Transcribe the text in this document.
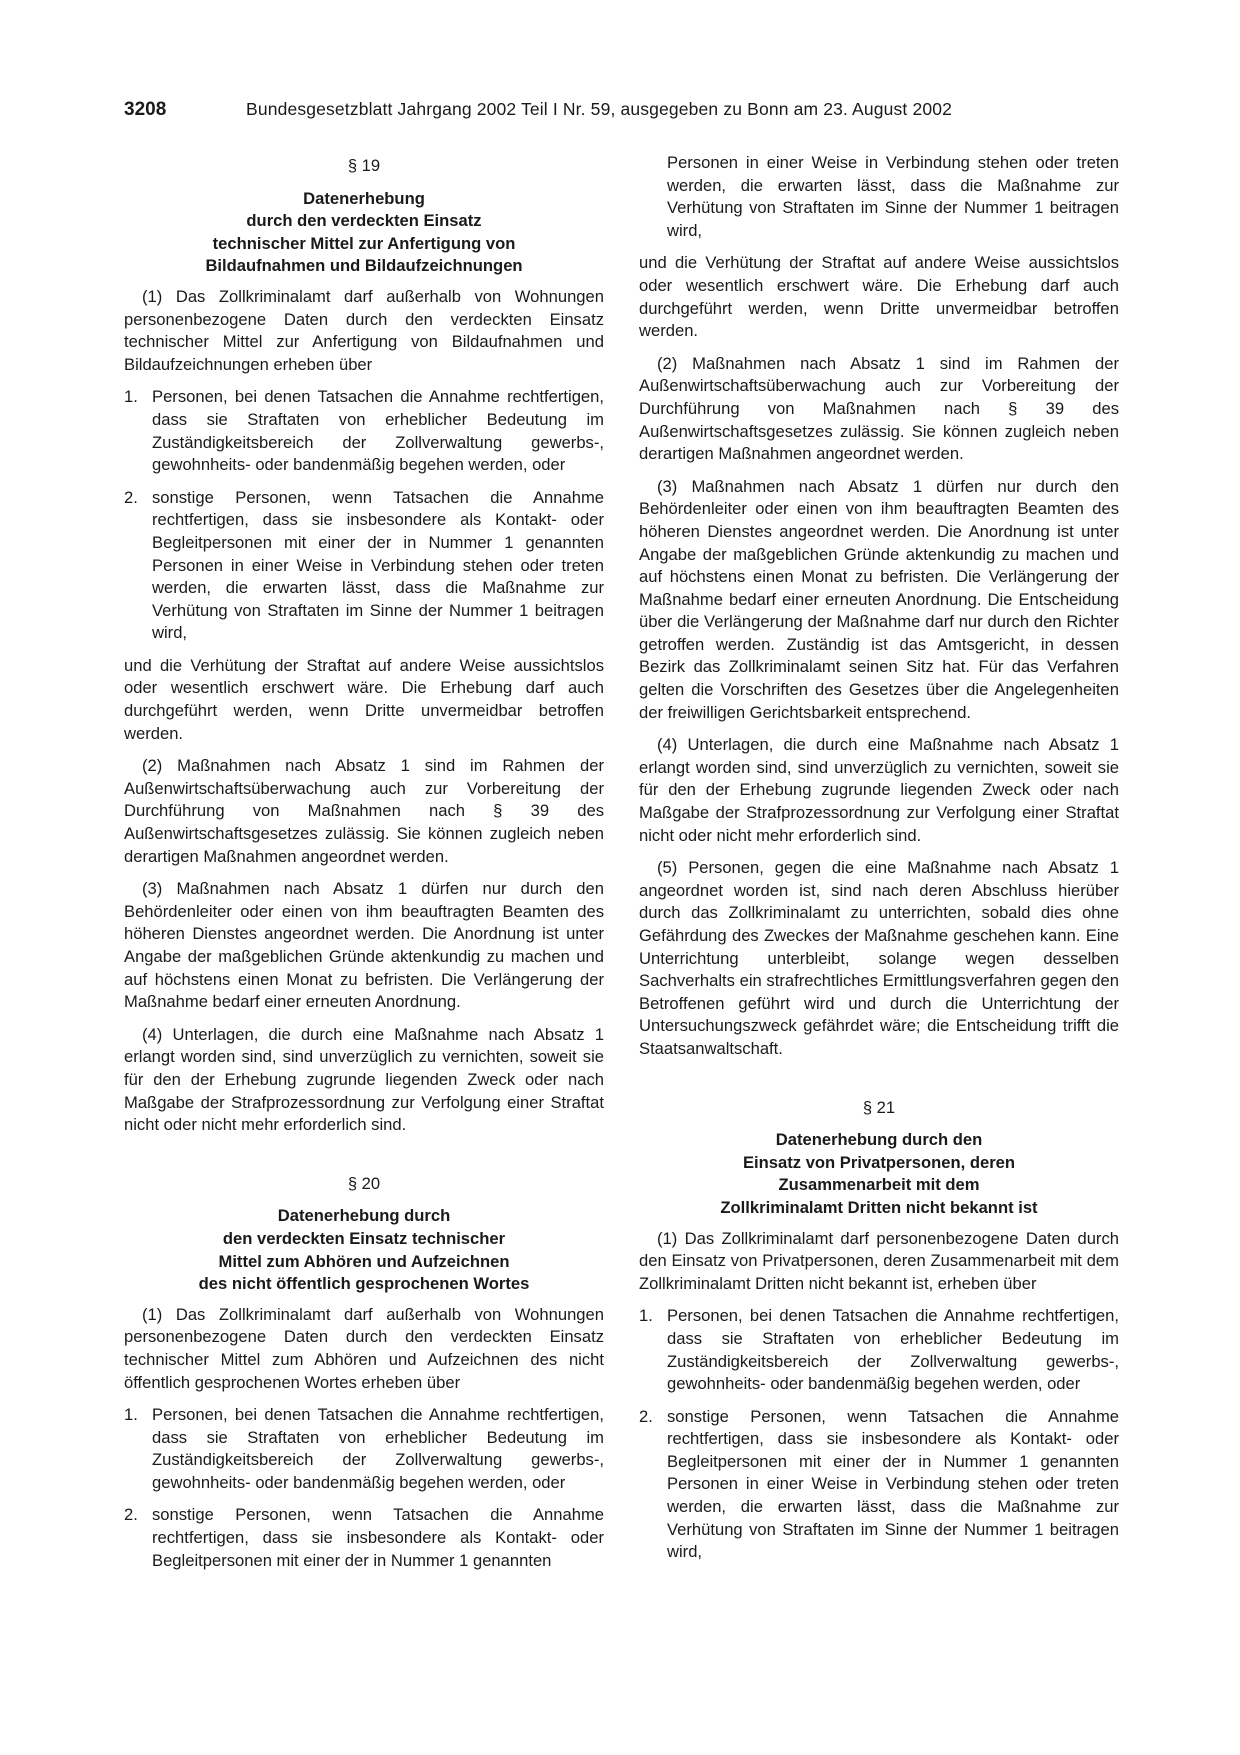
3208	Bundesgesetzblatt Jahrgang 2002 Teil I Nr. 59, ausgegeben zu Bonn am 23. August 2002
§ 19
Datenerhebung
durch den verdeckten Einsatz
technischer Mittel zur Anfertigung von
Bildaufnahmen und Bildaufzeichnungen

(1) Das Zollkriminalamt darf außerhalb von Wohnungen personenbezogene Daten durch den verdeckten Einsatz technischer Mittel zur Anfertigung von Bildaufnahmen und Bildaufzeichnungen erheben über

1. Personen, bei denen Tatsachen die Annahme rechtfertigen, dass sie Straftaten von erheblicher Bedeutung im Zuständigkeitsbereich der Zollverwaltung gewerbs-, gewohnheits- oder bandenmäßig begehen werden, oder
2. sonstige Personen, wenn Tatsachen die Annahme rechtfertigen, dass sie insbesondere als Kontakt- oder Begleitpersonen mit einer der in Nummer 1 genannten Personen in einer Weise in Verbindung stehen oder treten werden, die erwarten lässt, dass die Maßnahme zur Verhütung von Straftaten im Sinne der Nummer 1 beitragen wird,

und die Verhütung der Straftat auf andere Weise aussichtslos oder wesentlich erschwert wäre. Die Erhebung darf auch durchgeführt werden, wenn Dritte unvermeidbar betroffen werden.

(2) Maßnahmen nach Absatz 1 sind im Rahmen der Außenwirtschaftsüberwachung auch zur Vorbereitung der Durchführung von Maßnahmen nach § 39 des Außenwirtschaftsgesetzes zulässig. Sie können zugleich neben derartigen Maßnahmen angeordnet werden.

(3) Maßnahmen nach Absatz 1 dürfen nur durch den Behördenleiter oder einen von ihm beauftragten Beamten des höheren Dienstes angeordnet werden. Die Anordnung ist unter Angabe der maßgeblichen Gründe aktenkundig zu machen und auf höchstens einen Monat zu befristen. Die Verlängerung der Maßnahme bedarf einer erneuten Anordnung.

(4) Unterlagen, die durch eine Maßnahme nach Absatz 1 erlangt worden sind, sind unverzüglich zu vernichten, soweit sie für den der Erhebung zugrunde liegenden Zweck oder nach Maßgabe der Strafprozessordnung zur Verfolgung einer Straftat nicht oder nicht mehr erforderlich sind.

§ 20
Datenerhebung durch
den verdeckten Einsatz technischer
Mittel zum Abhören und Aufzeichnen
des nicht öffentlich gesprochenen Wortes

(1) Das Zollkriminalamt darf außerhalb von Wohnungen personenbezogene Daten durch den verdeckten Einsatz technischer Mittel zum Abhören und Aufzeichnen des nicht öffentlich gesprochenen Wortes erheben über

1. Personen, bei denen Tatsachen die Annahme rechtfertigen, dass sie Straftaten von erheblicher Bedeutung im Zuständigkeitsbereich der Zollverwaltung gewerbs-, gewohnheits- oder bandenmäßig begehen werden, oder
2. sonstige Personen, wenn Tatsachen die Annahme rechtfertigen, dass sie insbesondere als Kontakt- oder Begleitpersonen mit einer der in Nummer 1 genannten

Personen in einer Weise in Verbindung stehen oder treten werden, die erwarten lässt, dass die Maßnahme zur Verhütung von Straftaten im Sinne der Nummer 1 beitragen wird,

und die Verhütung der Straftat auf andere Weise aussichtslos oder wesentlich erschwert wäre. Die Erhebung darf auch durchgeführt werden, wenn Dritte unvermeidbar betroffen werden.

(2) Maßnahmen nach Absatz 1 sind im Rahmen der Außenwirtschaftsüberwachung auch zur Vorbereitung der Durchführung von Maßnahmen nach § 39 des Außenwirtschaftsgesetzes zulässig. Sie können zugleich neben derartigen Maßnahmen angeordnet werden.

(3) Maßnahmen nach Absatz 1 dürfen nur durch den Behördenleiter oder einen von ihm beauftragten Beamten des höheren Dienstes angeordnet werden. Die Anordnung ist unter Angabe der maßgeblichen Gründe aktenkundig zu machen und auf höchstens einen Monat zu befristen. Die Verlängerung der Maßnahme bedarf einer erneuten Anordnung. Die Entscheidung über die Verlängerung der Maßnahme darf nur durch den Richter getroffen werden. Zuständig ist das Amtsgericht, in dessen Bezirk das Zollkriminalamt seinen Sitz hat. Für das Verfahren gelten die Vorschriften des Gesetzes über die Angelegenheiten der freiwilligen Gerichtsbarkeit entsprechend.

(4) Unterlagen, die durch eine Maßnahme nach Absatz 1 erlangt worden sind, sind unverzüglich zu vernichten, soweit sie für den der Erhebung zugrunde liegenden Zweck oder nach Maßgabe der Strafprozessordnung zur Verfolgung einer Straftat nicht oder nicht mehr erforderlich sind.

(5) Personen, gegen die eine Maßnahme nach Absatz 1 angeordnet worden ist, sind nach deren Abschluss hierüber durch das Zollkriminalamt zu unterrichten, sobald dies ohne Gefährdung des Zweckes der Maßnahme geschehen kann. Eine Unterrichtung unterbleibt, solange wegen desselben Sachverhalts ein strafrechtliches Ermittlungsverfahren gegen den Betroffenen geführt wird und durch die Unterrichtung der Untersuchungszweck gefährdet wäre; die Entscheidung trifft die Staatsanwaltschaft.

§ 21
Datenerhebung durch den
Einsatz von Privatpersonen, deren
Zusammenarbeit mit dem
Zollkriminalamt Dritten nicht bekannt ist

(1) Das Zollkriminalamt darf personenbezogene Daten durch den Einsatz von Privatpersonen, deren Zusammenarbeit mit dem Zollkriminalamt Dritten nicht bekannt ist, erheben über

1. Personen, bei denen Tatsachen die Annahme rechtfertigen, dass sie Straftaten von erheblicher Bedeutung im Zuständigkeitsbereich der Zollverwaltung gewerbs-, gewohnheits- oder bandenmäßig begehen werden, oder
2. sonstige Personen, wenn Tatsachen die Annahme rechtfertigen, dass sie insbesondere als Kontakt- oder Begleitpersonen mit einer der in Nummer 1 genannten Personen in einer Weise in Verbindung stehen oder treten werden, die erwarten lässt, dass die Maßnahme zur Verhütung von Straftaten im Sinne der Nummer 1 beitragen wird,
